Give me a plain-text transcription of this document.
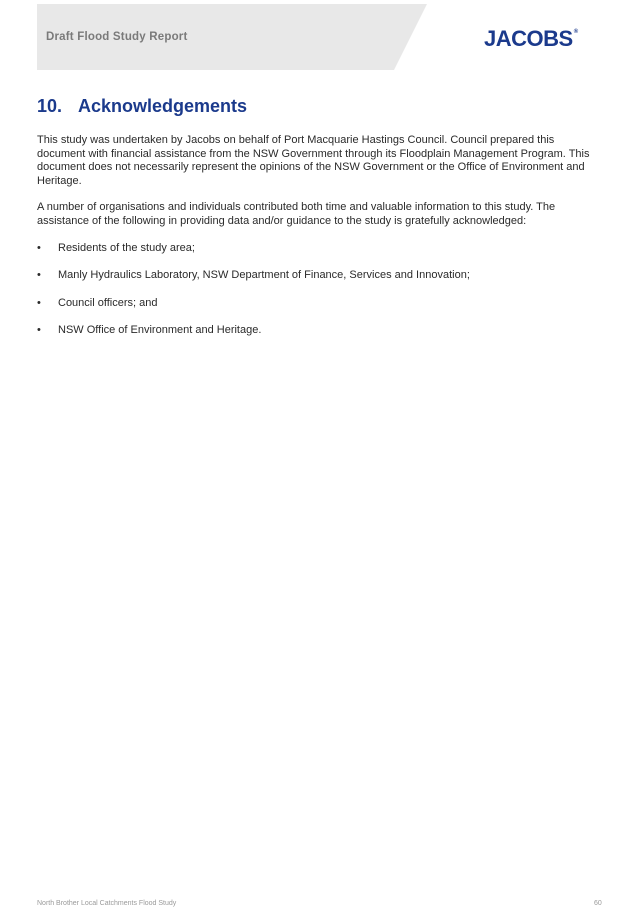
Draft Flood Study Report	JACOBS®
10. Acknowledgements

This study was undertaken by Jacobs on behalf of Port Macquarie Hastings Council. Council prepared this document with financial assistance from the NSW Government through its Floodplain Management Program. This document does not necessarily represent the opinions of the NSW Government or the Office of Environment and Heritage.

A number of organisations and individuals contributed both time and valuable information to this study. The assistance of the following in providing data and/or guidance to the study is gratefully acknowledged:

•	Residents of the study area;
•	Manly Hydraulics Laboratory, NSW Department of Finance, Services and Innovation;
•	Council officers; and
•	NSW Office of Environment and Heritage.
North Brother Local Catchments Flood Study	60
